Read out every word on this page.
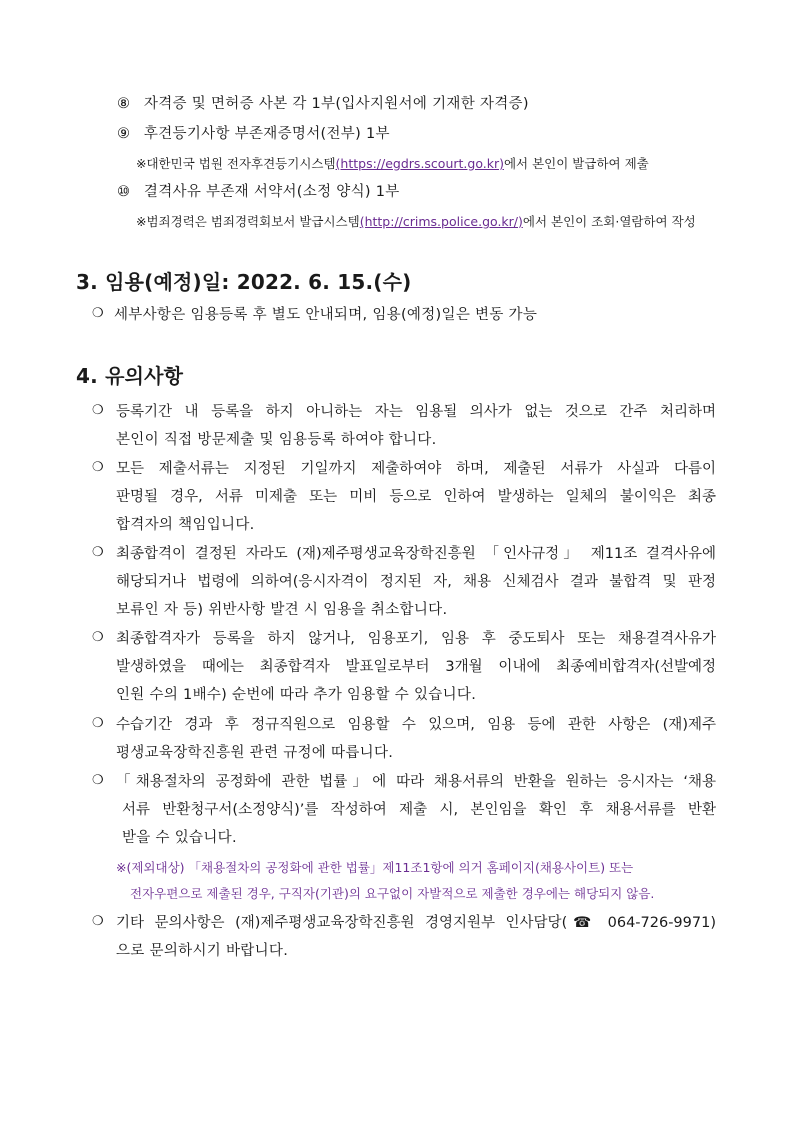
⑧ 자격증 및 면허증 사본 각 1부(입사지원서에 기재한 자격증)
⑨ 후견등기사항 부존재증명서(전부) 1부
※대한민국 법원 전자후견등기시스템(https://egdrs.scourt.go.kr)에서 본인이 발급하여 제출
⑩ 결격사유 부존재 서약서(소정 양식) 1부
※범죄경력은 범죄경력회보서 발급시스템(http://crims.police.go.kr/)에서 본인이 조회·열람하여 작성
3. 임용(예정)일: 2022. 6. 15.(수)
❍ 세부사항은 임용등록 후 별도 안내되며, 임용(예정)일은 변동 가능
4. 유의사항
❍ 등록기간 내 등록을 하지 아니하는 자는 임용될 의사가 없는 것으로 간주 처리하며
본인이 직접 방문제출 및 임용등록 하여야 합니다.
❍ 모든 제출서류는 지정된 기일까지 제출하여야 하며, 제출된 서류가 사실과 다름이
판명될 경우, 서류 미제출 또는 미비 등으로 인하여 발생하는 일체의 불이익은 최종
합격자의 책임입니다.
❍ 최종합격이 결정된 자라도 (재)제주평생교육장학진흥원 「인사규정」 제11조 결격사유에
해당되거나 법령에 의하여(응시자격이 정지된 자, 채용 신체검사 결과 불합격 및 판정
보류인 자 등) 위반사항 발견 시 임용을 취소합니다.
❍ 최종합격자가 등록을 하지 않거나, 임용포기, 임용 후 중도퇴사 또는 채용결격사유가
발생하였을 때에는 최종합격자 발표일로부터 3개월 이내에 최종예비합격자(선발예정
인원 수의 1배수) 순번에 따라 추가 임용할 수 있습니다.
❍ 수습기간 경과 후 정규직원으로 임용할 수 있으며, 임용 등에 관한 사항은 (재)제주
평생교육장학진흥원 관련 규정에 따릅니다.
❍ 「채용절차의 공정화에 관한 법률」에 따라 채용서류의 반환을 원하는 응시자는 ‘채용
서류 반환청구서(소정양식)’를 작성하여 제출 시, 본인임을 확인 후 채용서류를 반환
받을 수 있습니다.
※(제외대상) 「채용절차의 공정화에 관한 법률」제11조1항에 의거 홈페이지(채용사이트) 또는
전자우편으로 제출된 경우, 구직자(기관)의 요구없이 자발적으로 제출한 경우에는 해당되지 않음.
❍ 기타 문의사항은 (재)제주평생교육장학진흥원 경영지원부 인사담당(☎ 064-726-9971)
으로 문의하시기 바랍니다.
